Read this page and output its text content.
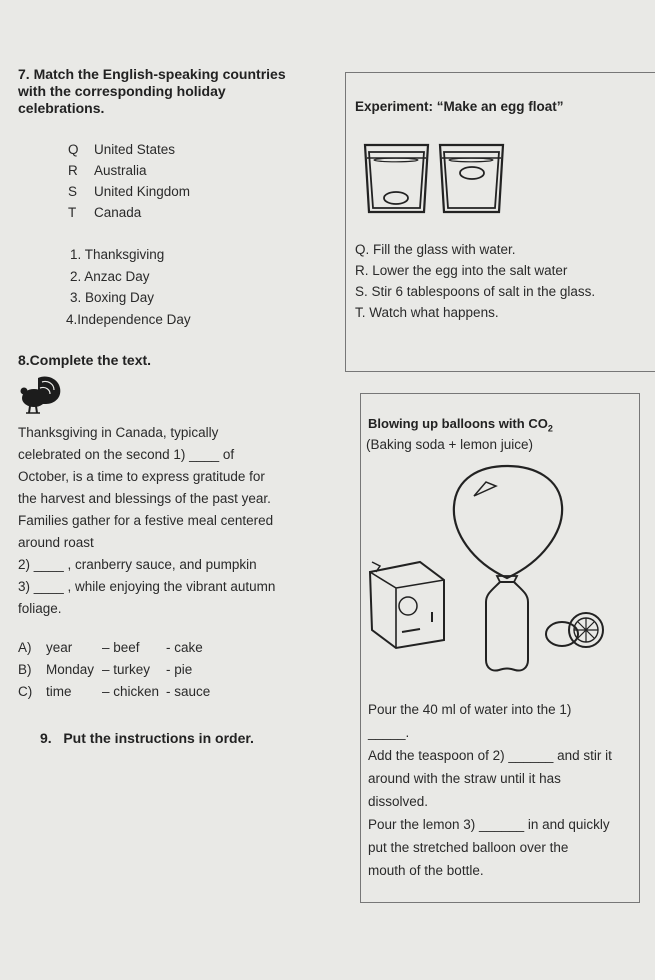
7. Match the English-speaking countries
with the corresponding holiday
celebrations.
Q United States
R Australia
S United Kingdom
T Canada
1. Thanksgiving
2. Anzac Day
3. Boxing Day
4.Independence Day
Experiment: “Make an egg float”
Q. Fill the glass with water.
R. Lower the egg into the salt water
S. Stir 6 tablespoons of salt in the glass.
T. Watch what happens.
8.Complete the text.
Thanksgiving in Canada, typically
celebrated on the second 1) ____ of
October, is a time to express gratitude for
the harvest and blessings of the past year.
Families gather for a festive meal centered
around roast
2) ____ , cranberry sauce, and pumpkin
3) ____ , while enjoying the vibrant autumn
foliage.
A) year – beef - cake
B) Monday – turkey - pie
C) time – chicken - sauce
9.   Put the instructions in order.
Blowing up balloons with $CO_2$
(Baking soda + lemon juice)
Pour the 40 ml of water into the 1)
_____.
Add the teaspoon of 2) ______ and stir it
around with the straw until it has
dissolved.
Pour the lemon 3) ______ in and quickly
put the stretched balloon over the
mouth of the bottle.
